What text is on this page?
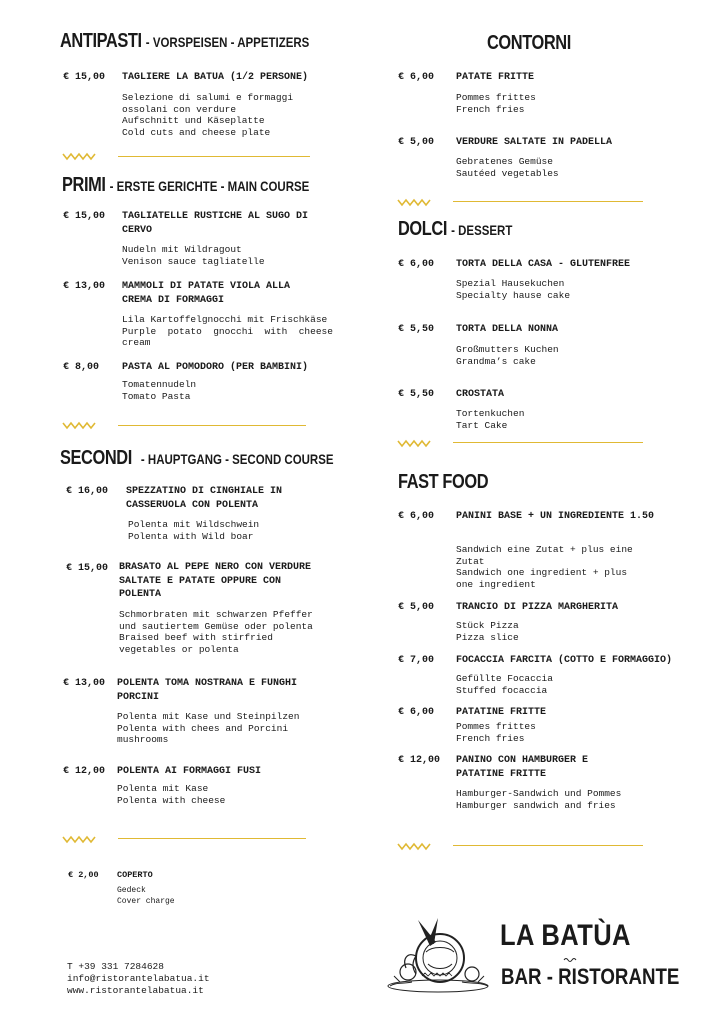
ANTIPASTI - VORSPEISEN - APPETIZERS
€ 15,00 TAGLIERE LA BATUA (1/2 PERSONE)
Selezione di salumi e formaggi
ossolani con verdure
Aufschnitt und Käseplatte
Cold cuts and cheese plate
PRIMI - ERSTE GERICHTE - MAIN COURSE
€ 15,00 TAGLIATELLE RUSTICHE AL SUGO DI CERVO
Nudeln mit Wildragout
Venison sauce tagliatelle
€ 13,00 MAMMOLI DI PATATE VIOLA ALLA CREMA DI FORMAGGI
Lila Kartoffelgnocchi mit Frischkäse
Purple  potato  gnocchi  with  cheese
cream
€ 8,00 PASTA AL POMODORO (PER BAMBINI)
Tomatennudeln
Tomato Pasta
SECONDI - HAUPTGANG - SECOND COURSE
€ 16,00 SPEZZATINO DI CINGHIALE IN CASSERUOLA CON POLENTA
Polenta mit Wildschwein
Polenta with Wild boar
€ 15,00 BRASATO AL PEPE NERO CON VERDURE SALTATE E PATATE OPPURE CON POLENTA
Schmorbraten mit schwarzen Pfeffer
und sautiertem Gemüse oder polenta
Braised beef with stirfried
vegetables or polenta
€ 13,00 POLENTA TOMA NOSTRANA E FUNGHI PORCINI
Polenta mit Kase und Steinpilzen
Polenta with chees and Porcini
mushrooms
€ 12,00 POLENTA AI FORMAGGI FUSI
Polenta mit Kase
Polenta with cheese
€ 2,00 COPERTO
Gedeck
Cover charge
T +39 331 7284628
info@ristorantelabatua.it
www.ristorantelabatua.it
CONTORNI
€ 6,00 PATATE FRITTE
Pommes frittes
French fries
€ 5,00 VERDURE SALTATE IN PADELLA
Gebratenes Gemüse
Sautéed vegetables
DOLCI - DESSERT
€ 6,00 TORTA DELLA CASA - GLUTENFREE
Spezial Hausekuchen
Specialty hause cake
€ 5,50 TORTA DELLA NONNA
Großmutters Kuchen
Grandma’s cake
€ 5,50 CROSTATA
Tortenkuchen
Tart Cake
FAST FOOD
€ 6,00 PANINI BASE + UN INGREDIENTE 1.50
Sandwich eine Zutat + plus eine
Zutat
Sandwich one ingredient + plus
one ingredient
€ 5,00 TRANCIO DI PIZZA MARGHERITA
Stück Pizza
Pizza slice
€ 7,00 FOCACCIA FARCITA (COTTO E FORMAGGIO)
Gefüllte Focaccia
Stuffed focaccia
€ 6,00 PATATINE FRITTE
Pommes frittes
French fries
€ 12,00 PANINO CON HAMBURGER E PATATINE FRITTE
Hamburger-Sandwich und Pommes
Hamburger sandwich and fries
LA BATÙA
BAR - RISTORANTE
